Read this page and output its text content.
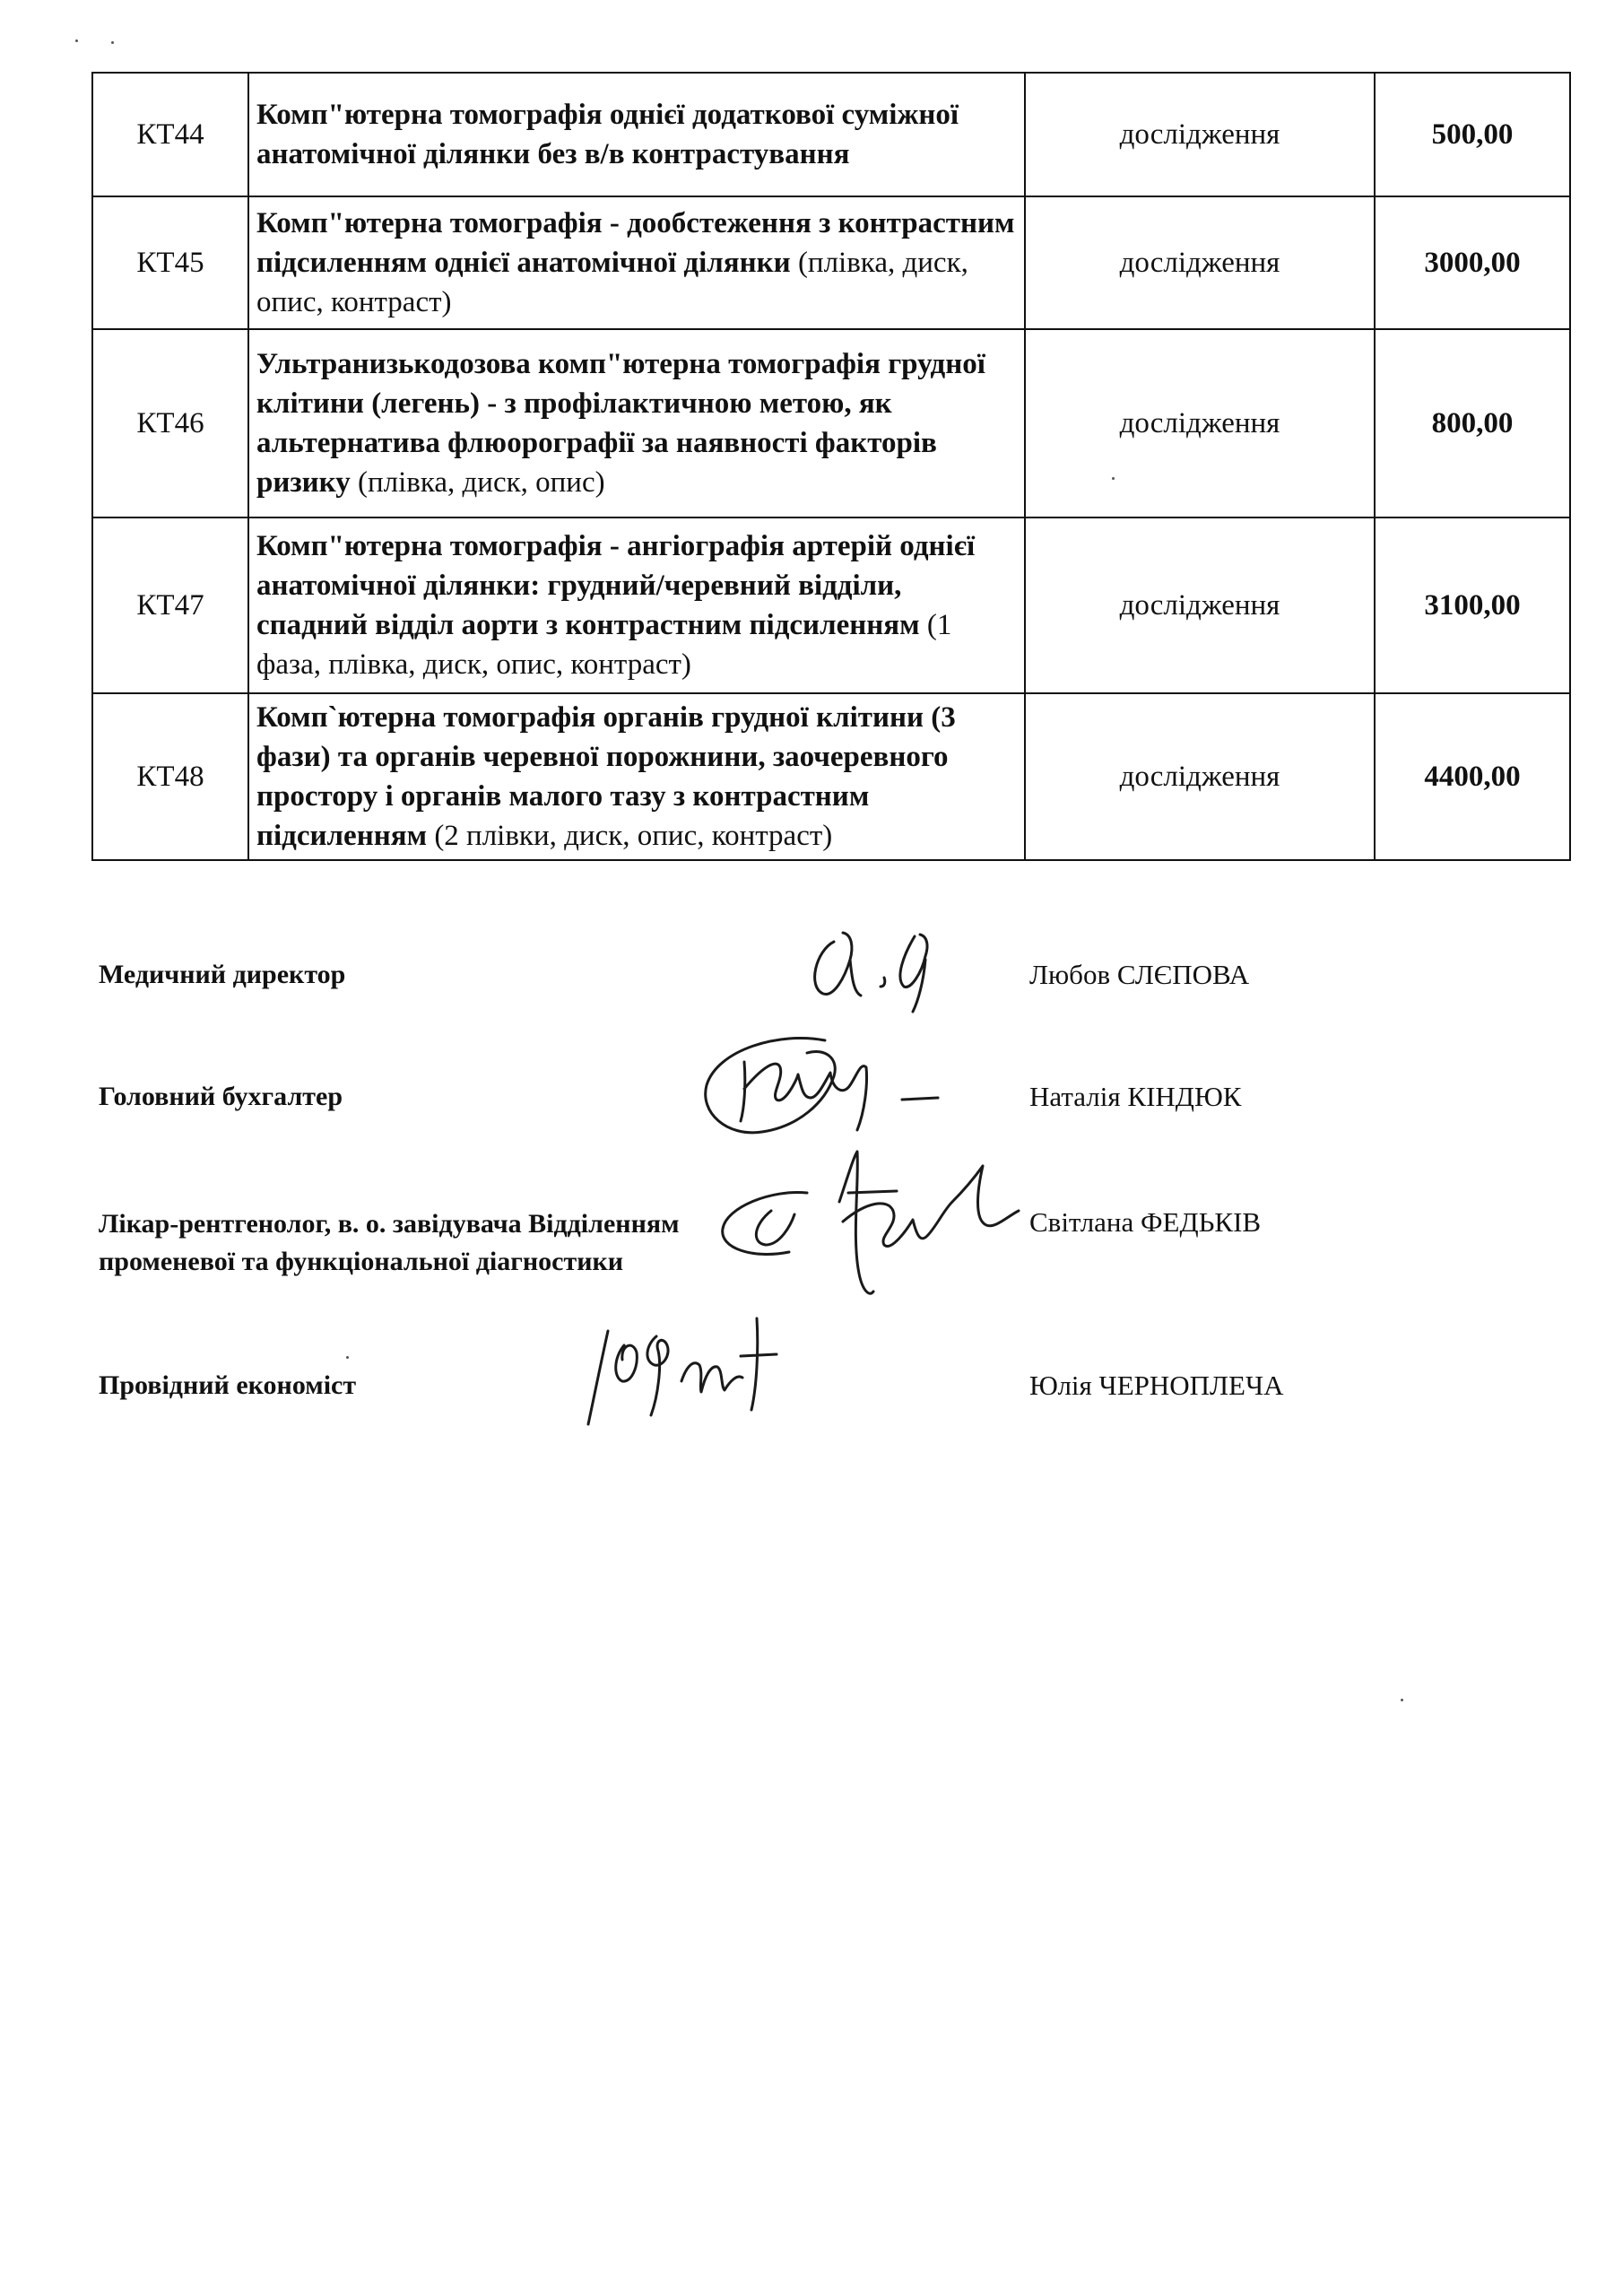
КТ44	Комп"ютерна томографія однієї додаткової суміжної анатомічної ділянки без в/в контрастування	дослідження	500,00
КТ45	Комп"ютерна томографія - дообстеження з контрастним підсиленням однієї анатомічної ділянки (плівка, диск, опис, контраст)	дослідження	3000,00
КТ46	Ультранизькодозова комп"ютерна томографія грудної клітини (легень) - з профілактичною метою, як альтернатива флюорографії за наявності факторів ризику (плівка, диск, опис)	дослідження	800,00
КТ47	Комп"ютерна томографія - ангіографія артерій однієї анатомічної ділянки: грудний/черевний відділи, спадний відділ аорти з контрастним підсиленням (1 фаза, плівка, диск, опис, контраст)	дослідження	3100,00
КТ48	Комп`ютерна томографія органів грудної клітини (3 фази) та органів черевної порожнини, заочеревного простору і органів малого тазу з контрастним підсиленням (2 плівки, диск, опис, контраст)	дослідження	4400,00
Медичний директор	Любов СЛЄПОВА
Головний бухгалтер	Наталія КІНДЮК
Лікар-рентгенолог, в. о. завідувача Відділенням
променевої та функціональної діагностики
Світлана ФЕДЬКІВ
Провідний економіст	Юлія ЧЕРНОПЛЕЧА
